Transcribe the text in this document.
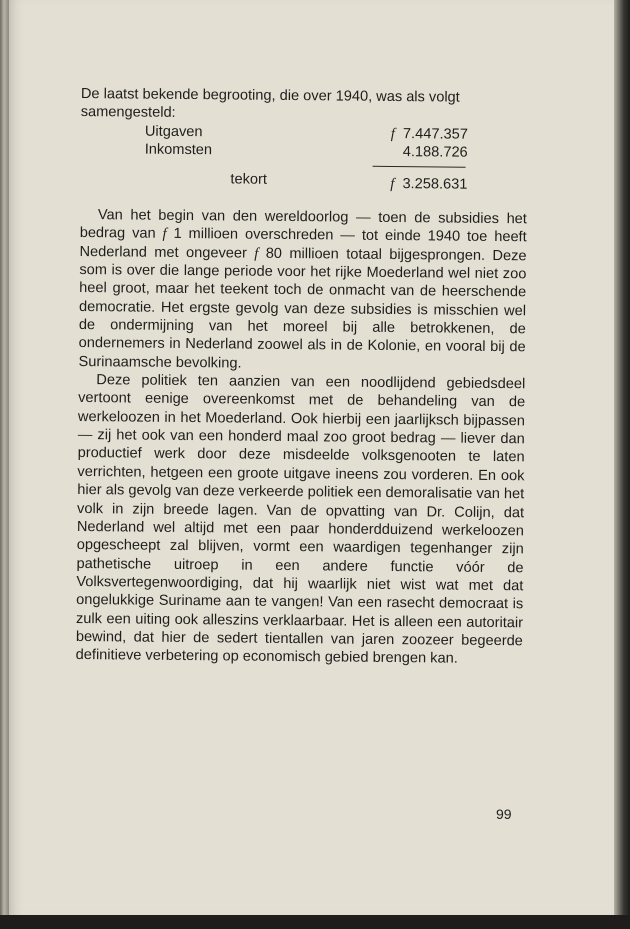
De laatst bekende begrooting, die over 1940, was als volgt
samengesteld:
Uitgaven	f 7.447.357
Inkomsten	4.188.726
tekort	f 3.258.631

Van het begin van den wereldoorlog — toen de subsidies het bedrag van f 1 millioen overschreden — tot einde 1940 toe heeft Nederland met ongeveer f 80 millioen totaal bijgesprongen. Deze som is over die lange periode voor het rijke Moederland wel niet zoo heel groot, maar het teekent toch de onmacht van de heerschende democratie. Het ergste gevolg van deze subsidies is misschien wel de ondermijning van het moreel bij alle betrokkenen, de ondernemers in Nederland zoowel als in de Kolonie, en vooral bij de Surinaamsche bevolking.

Deze politiek ten aanzien van een noodlijdend gebiedsdeel vertoont eenige overeenkomst met de behandeling van de werkeloozen in het Moederland. Ook hierbij een jaarlijksch bijpassen — zij het ook van een honderd maal zoo groot bedrag — liever dan productief werk door deze misdeelde volksgenooten te laten verrichten, hetgeen een groote uitgave ineens zou vorderen. En ook hier als gevolg van deze verkeerde politiek een demoralisatie van het volk in zijn breede lagen. Van de opvatting van Dr. Colijn, dat Nederland wel altijd met een paar honderdduizend werkeloozen opgescheept zal blijven, vormt een waardigen tegenhanger zijn pathetische uitroep in een andere functie vóór de Volksvertegenwoordiging, dat hij waarlijk niet wist wat met dat ongelukkige Suriname aan te vangen! Van een rasecht democraat is zulk een uiting ook alleszins verklaarbaar. Het is alleen een autoritair bewind, dat hier de sedert tientallen van jaren zoozeer begeerde definitieve verbetering op economisch gebied brengen kan.

99
